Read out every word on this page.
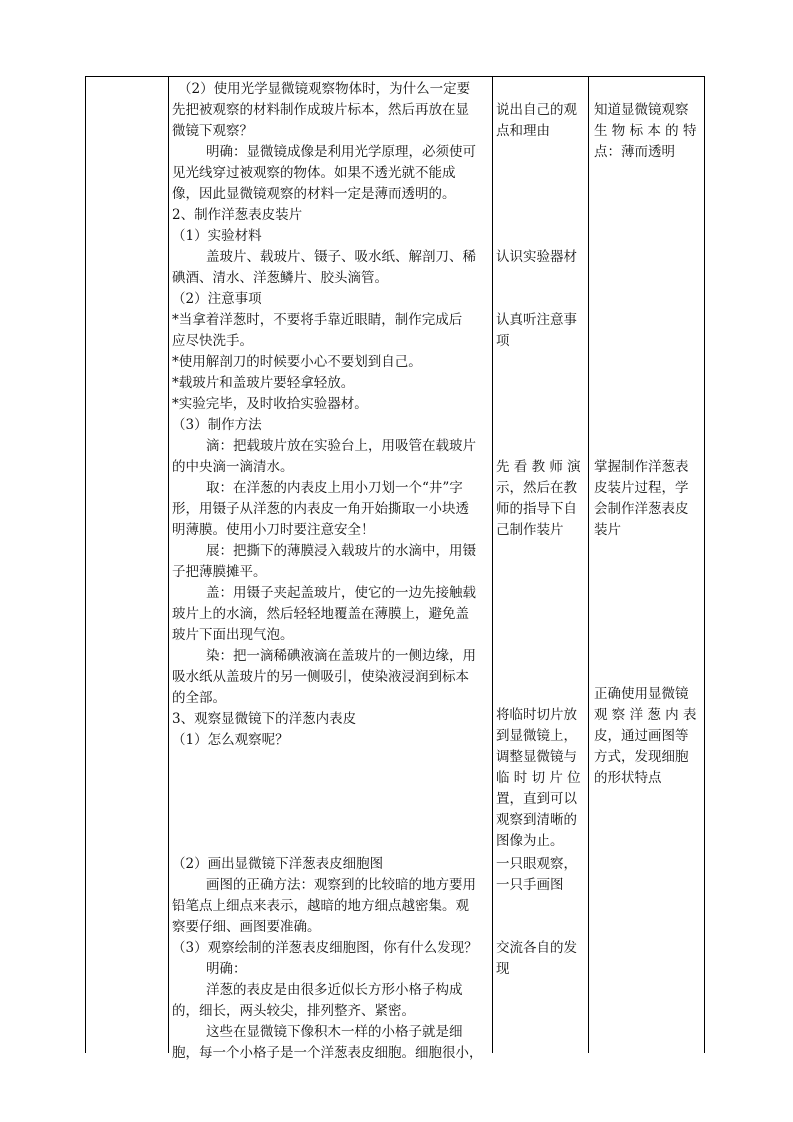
（2）使用光学显微镜观察物体时，为什么一定要
先把被观察的材料制作成玻片标本，然后再放在显
微镜下观察？
明确：显微镜成像是利用光学原理，必须使可
见光线穿过被观察的物体。如果不透光就不能成
像，因此显微镜观察的材料一定是薄而透明的。
2、制作洋葱表皮装片
（1）实验材料
盖玻片、载玻片、镊子、吸水纸、解剖刀、稀
碘酒、清水、洋葱鳞片、胶头滴管。
（2）注意事项
*当拿着洋葱时，不要将手靠近眼睛，制作完成后
应尽快洗手。
*使用解剖刀的时候要小心不要划到自己。
*载玻片和盖玻片要轻拿轻放。
*实验完毕，及时收拾实验器材。
（3）制作方法
滴：把载玻片放在实验台上，用吸管在载玻片
的中央滴一滴清水。
取：在洋葱的内表皮上用小刀划一个“井”字
形，用镊子从洋葱的内表皮一角开始撕取一小块透
明薄膜。使用小刀时要注意安全！
展：把撕下的薄膜浸入载玻片的水滴中，用镊
子把薄膜摊平。
盖：用镊子夹起盖玻片，使它的一边先接触载
玻片上的水滴，然后轻轻地覆盖在薄膜上，避免盖
玻片下面出现气泡。
染：把一滴稀碘液滴在盖玻片的一侧边缘，用
吸水纸从盖玻片的另一侧吸引，使染液浸润到标本
的全部。
3、观察显微镜下的洋葱内表皮
（1）怎么观察呢？
（2）画出显微镜下洋葱表皮细胞图
画图的正确方法：观察到的比较暗的地方要用
铅笔点上细点来表示，越暗的地方细点越密集。观
察要仔细、画图要准确。
（3）观察绘制的洋葱表皮细胞图，你有什么发现？
明确：
洋葱的表皮是由很多近似长方形小格子构成
的，细长，两头较尖，排列整齐、紧密。
这些在显微镜下像积木一样的小格子就是细
胞，每一个小格子是一个洋葱表皮细胞。细胞很小，
说出自己的观
点和理由
认识实验器材
认真听注意事
项
先 看 教 师 演
示，然后在教
师的指导下自
己制作装片
将临时切片放
到显微镜上，
调整显微镜与
临 时 切 片 位
置，直到可以
观察到清晰的
图像为止。
一只眼观察，
一只手画图
交流各自的发
现
知道显微镜观察
生 物 标 本 的 特
点：薄而透明
掌握制作洋葱表
皮装片过程，学
会制作洋葱表皮
装片
正确使用显微镜
观 察 洋 葱 内 表
皮，通过画图等
方式，发现细胞
的形状特点
